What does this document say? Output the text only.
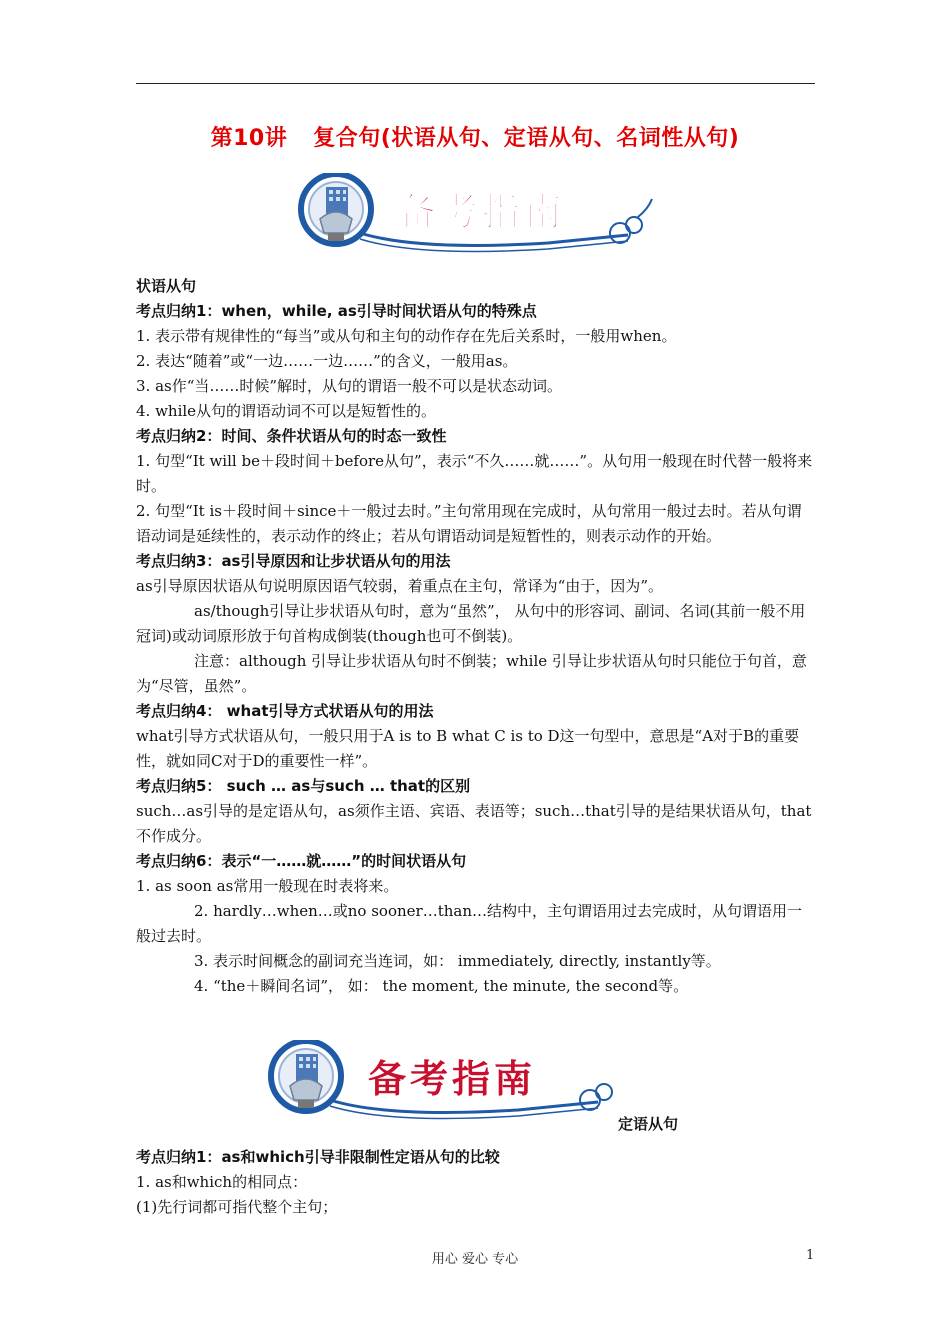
第10讲 复合句(状语从句、定语从句、名词性从句)
备考指南

状语从句

考点归纳1：when，while, as引导时间状语从句的特殊点

1. 表示带有规律性的“每当”或从句和主句的动作存在先后关系时，一般用when。

2. 表达“随着”或“一边……一边……”的含义，一般用as。

3. as作“当……时候”解时，从句的谓语一般不可以是状态动词。

4. while从句的谓语动词不可以是短暂性的。

考点归纳2：时间、条件状语从句的时态一致性

1. 句型“It will be＋段时间＋before从句”，表示“不久……就……”。从句用一般现在时代替一般将来时。

2. 句型“It is＋段时间＋since＋一般过去时。”主句常用现在完成时，从句常用一般过去时。若从句谓语动词是延续性的，表示动作的终止；若从句谓语动词是短暂性的，则表示动作的开始。

考点归纳3：as引导原因和让步状语从句的用法

as引导原因状语从句说明原因语气较弱，着重点在主句，常译为“由于，因为”。

as/though引导让步状语从句时，意为“虽然”， 从句中的形容词、副词、名词(其前一般不用冠词)或动词原形放于句首构成倒装(though也可不倒装)。

注意：although 引导让步状语从句时不倒装；while 引导让步状语从句时只能位于句首，意为“尽管，虽然”。

考点归纳4： what引导方式状语从句的用法

what引导方式状语从句，一般只用于A is to B what C is to D这一句型中，意思是“A对于B的重要性，就如同C对于D的重要性一样”。

考点归纳5： such … as与such … that的区别

such…as引导的是定语从句，as须作主语、宾语、表语等；such…that引导的是结果状语从句，that不作成分。

考点归纳6：表示“一……就……”的时间状语从句

1. as soon as常用一般现在时表将来。

2. hardly…when…或no sooner…than…结构中，主句谓语用过去完成时，从句谓语用一般过去时。

3. 表示时间概念的副词充当连词，如： immediately, directly, instantly等。

4. “the＋瞬间名词”， 如： the moment, the minute, the second等。

备考指南
定语从句

考点归纳1：as和which引导非限制性定语从句的比较

1. as和which的相同点：

(1)先行词都可指代整个主句；

用心 爱心 专心	1
